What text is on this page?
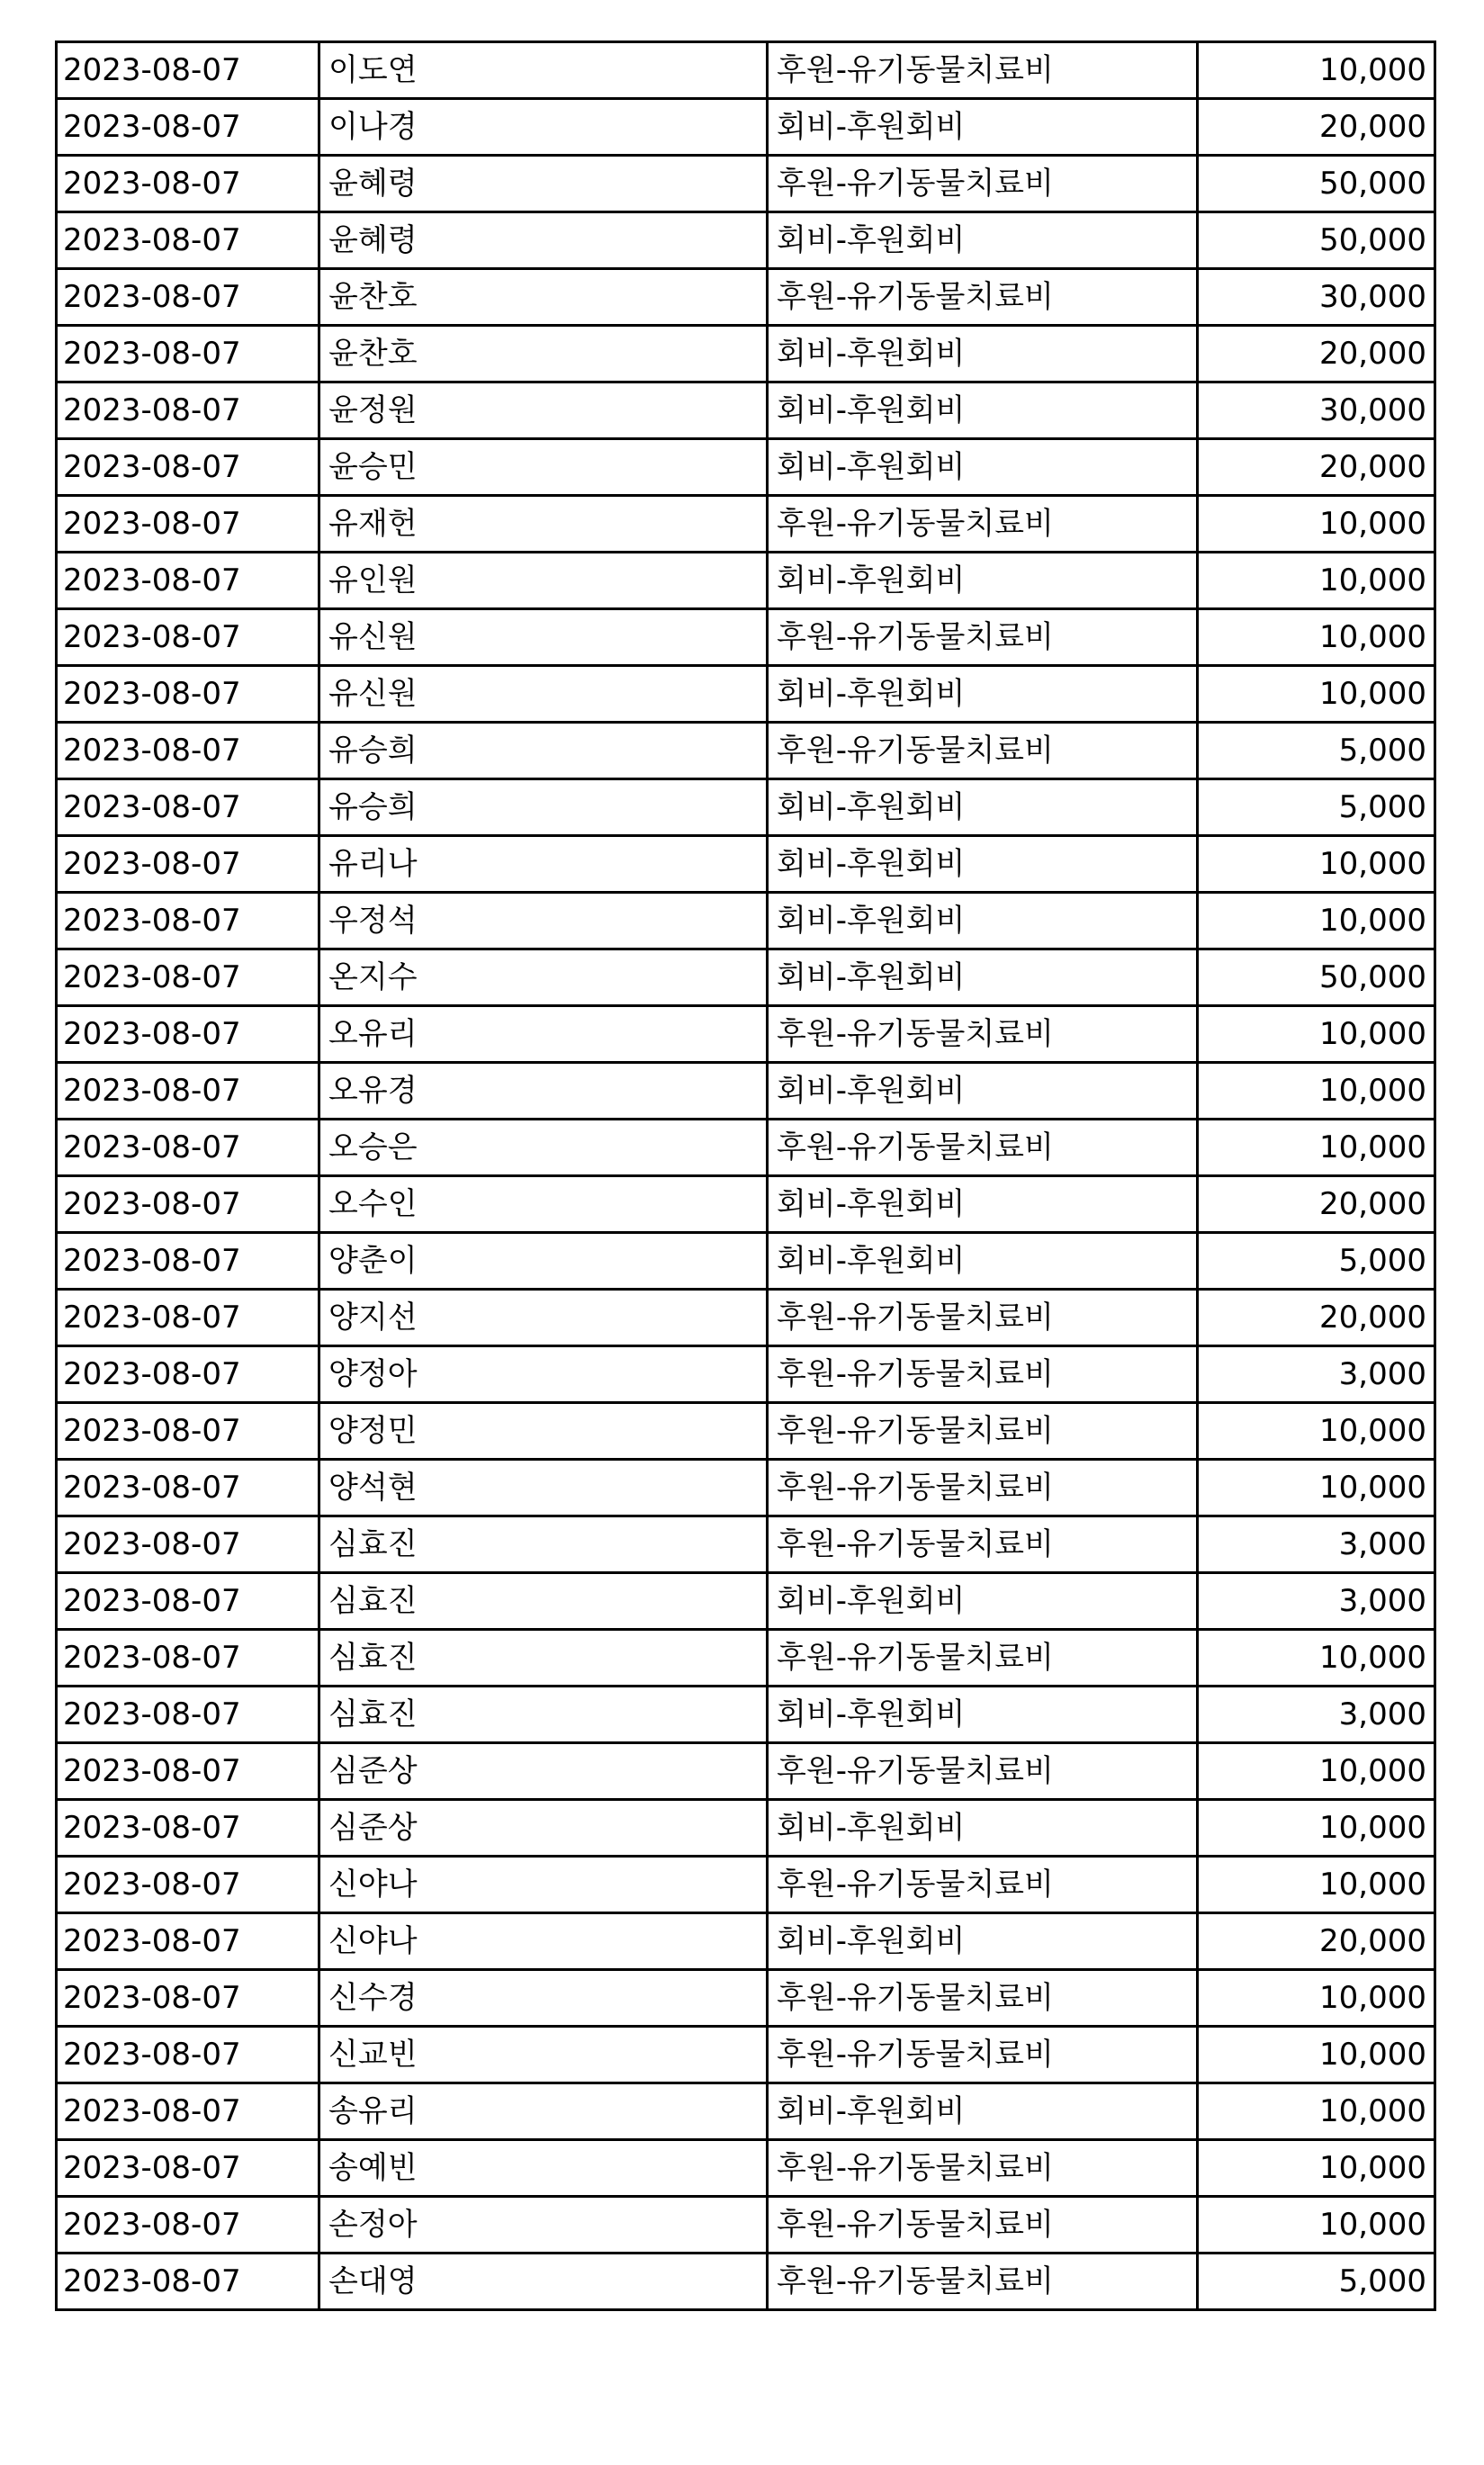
2023-08-07	이도연	후원-유기동물치료비	10,000
2023-08-07	이나경	회비-후원회비	20,000
2023-08-07	윤혜령	후원-유기동물치료비	50,000
2023-08-07	윤혜령	회비-후원회비	50,000
2023-08-07	윤찬호	후원-유기동물치료비	30,000
2023-08-07	윤찬호	회비-후원회비	20,000
2023-08-07	윤정원	회비-후원회비	30,000
2023-08-07	윤승민	회비-후원회비	20,000
2023-08-07	유재헌	후원-유기동물치료비	10,000
2023-08-07	유인원	회비-후원회비	10,000
2023-08-07	유신원	후원-유기동물치료비	10,000
2023-08-07	유신원	회비-후원회비	10,000
2023-08-07	유승희	후원-유기동물치료비	5,000
2023-08-07	유승희	회비-후원회비	5,000
2023-08-07	유리나	회비-후원회비	10,000
2023-08-07	우정석	회비-후원회비	10,000
2023-08-07	온지수	회비-후원회비	50,000
2023-08-07	오유리	후원-유기동물치료비	10,000
2023-08-07	오유경	회비-후원회비	10,000
2023-08-07	오승은	후원-유기동물치료비	10,000
2023-08-07	오수인	회비-후원회비	20,000
2023-08-07	양춘이	회비-후원회비	5,000
2023-08-07	양지선	후원-유기동물치료비	20,000
2023-08-07	양정아	후원-유기동물치료비	3,000
2023-08-07	양정민	후원-유기동물치료비	10,000
2023-08-07	양석현	후원-유기동물치료비	10,000
2023-08-07	심효진	후원-유기동물치료비	3,000
2023-08-07	심효진	회비-후원회비	3,000
2023-08-07	심효진	후원-유기동물치료비	10,000
2023-08-07	심효진	회비-후원회비	3,000
2023-08-07	심준상	후원-유기동물치료비	10,000
2023-08-07	심준상	회비-후원회비	10,000
2023-08-07	신야나	후원-유기동물치료비	10,000
2023-08-07	신야나	회비-후원회비	20,000
2023-08-07	신수경	후원-유기동물치료비	10,000
2023-08-07	신교빈	후원-유기동물치료비	10,000
2023-08-07	송유리	회비-후원회비	10,000
2023-08-07	송예빈	후원-유기동물치료비	10,000
2023-08-07	손정아	후원-유기동물치료비	10,000
2023-08-07	손대영	후원-유기동물치료비	5,000
